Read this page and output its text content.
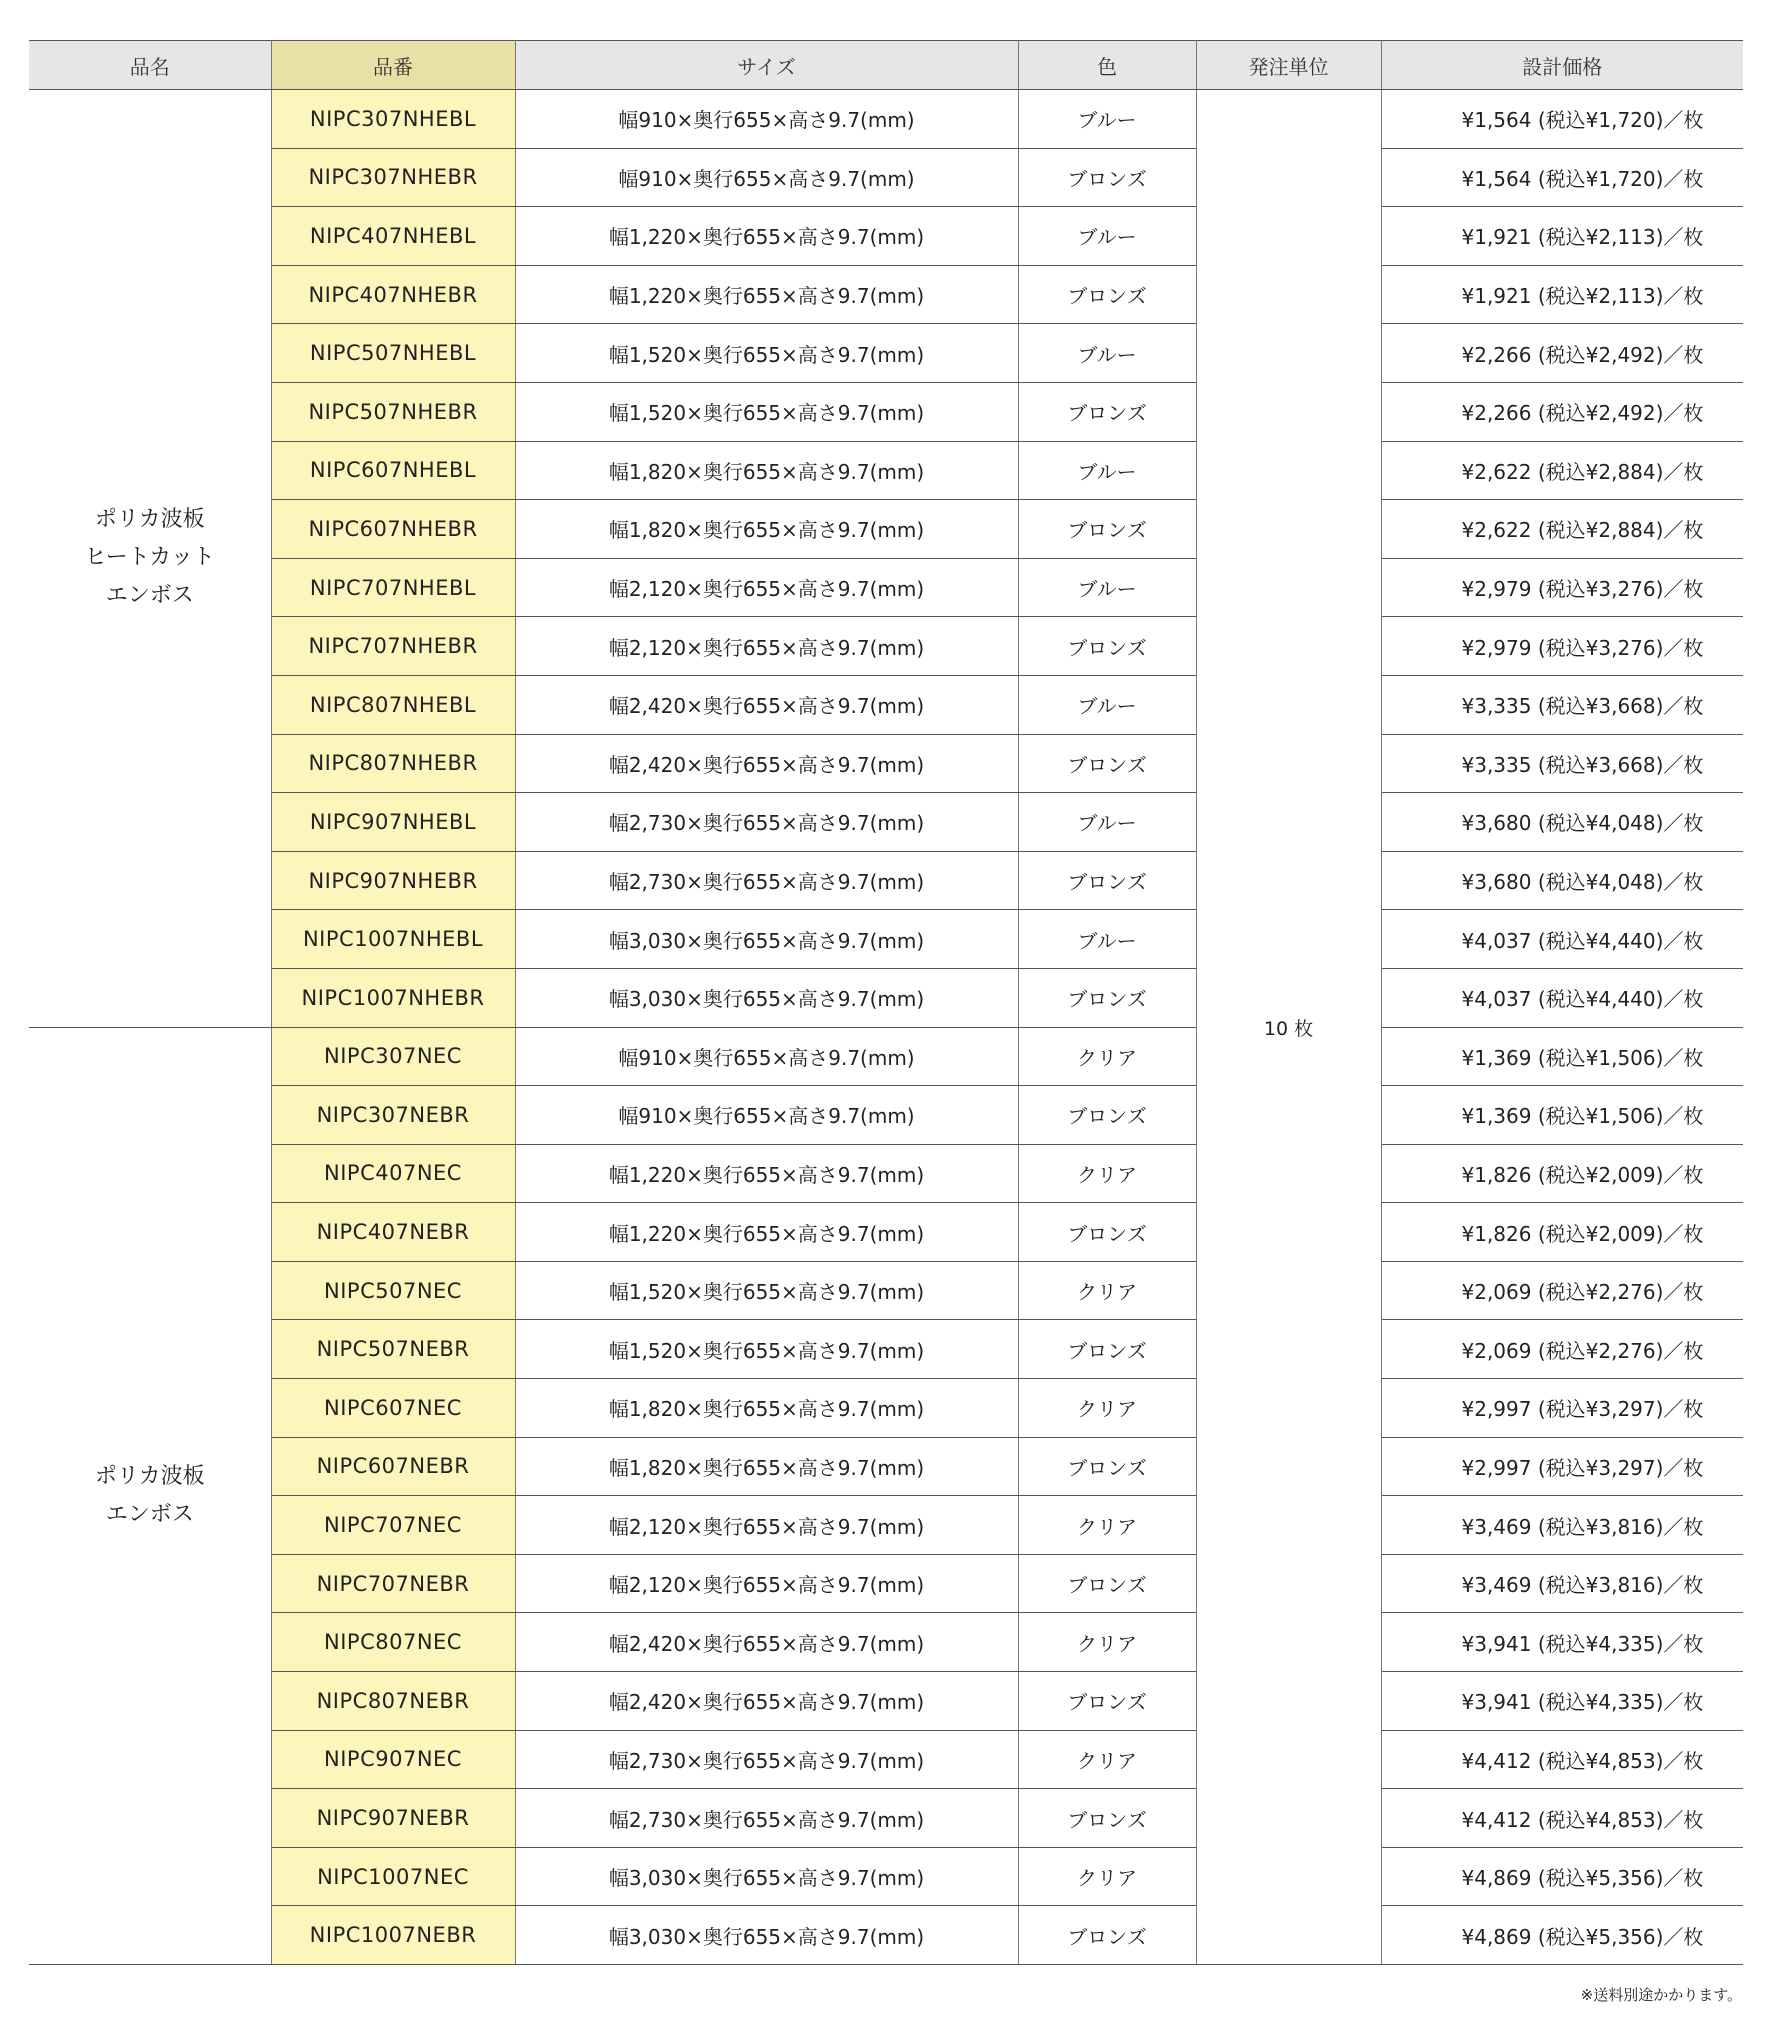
品名	品番	サイズ	色	発注単位	設計価格

ポリカ波板
ヒートカット
エンボス	NIPC307NHEBL	幅910×奥行655×高さ9.7(mm)	ブルー	10 枚	¥1,564 (税込¥1,720)／枚
	NIPC307NHEBR	幅910×奥行655×高さ9.7(mm)	ブロンズ		¥1,564 (税込¥1,720)／枚
	NIPC407NHEBL	幅1,220×奥行655×高さ9.7(mm)	ブルー		¥1,921 (税込¥2,113)／枚
	NIPC407NHEBR	幅1,220×奥行655×高さ9.7(mm)	ブロンズ		¥1,921 (税込¥2,113)／枚
	NIPC507NHEBL	幅1,520×奥行655×高さ9.7(mm)	ブルー		¥2,266 (税込¥2,492)／枚
	NIPC507NHEBR	幅1,520×奥行655×高さ9.7(mm)	ブロンズ		¥2,266 (税込¥2,492)／枚
	NIPC607NHEBL	幅1,820×奥行655×高さ9.7(mm)	ブルー		¥2,622 (税込¥2,884)／枚
	NIPC607NHEBR	幅1,820×奥行655×高さ9.7(mm)	ブロンズ		¥2,622 (税込¥2,884)／枚
	NIPC707NHEBL	幅2,120×奥行655×高さ9.7(mm)	ブルー		¥2,979 (税込¥3,276)／枚
	NIPC707NHEBR	幅2,120×奥行655×高さ9.7(mm)	ブロンズ		¥2,979 (税込¥3,276)／枚
	NIPC807NHEBL	幅2,420×奥行655×高さ9.7(mm)	ブルー		¥3,335 (税込¥3,668)／枚
	NIPC807NHEBR	幅2,420×奥行655×高さ9.7(mm)	ブロンズ		¥3,335 (税込¥3,668)／枚
	NIPC907NHEBL	幅2,730×奥行655×高さ9.7(mm)	ブルー		¥3,680 (税込¥4,048)／枚
	NIPC907NHEBR	幅2,730×奥行655×高さ9.7(mm)	ブロンズ		¥3,680 (税込¥4,048)／枚
	NIPC1007NHEBL	幅3,030×奥行655×高さ9.7(mm)	ブルー		¥4,037 (税込¥4,440)／枚
	NIPC1007NHEBR	幅3,030×奥行655×高さ9.7(mm)	ブロンズ		¥4,037 (税込¥4,440)／枚

ポリカ波板
エンボス	NIPC307NEC	幅910×奥行655×高さ9.7(mm)	クリア		¥1,369 (税込¥1,506)／枚
	NIPC307NEBR	幅910×奥行655×高さ9.7(mm)	ブロンズ		¥1,369 (税込¥1,506)／枚
	NIPC407NEC	幅1,220×奥行655×高さ9.7(mm)	クリア		¥1,826 (税込¥2,009)／枚
	NIPC407NEBR	幅1,220×奥行655×高さ9.7(mm)	ブロンズ		¥1,826 (税込¥2,009)／枚
	NIPC507NEC	幅1,520×奥行655×高さ9.7(mm)	クリア		¥2,069 (税込¥2,276)／枚
	NIPC507NEBR	幅1,520×奥行655×高さ9.7(mm)	ブロンズ		¥2,069 (税込¥2,276)／枚
	NIPC607NEC	幅1,820×奥行655×高さ9.7(mm)	クリア		¥2,997 (税込¥3,297)／枚
	NIPC607NEBR	幅1,820×奥行655×高さ9.7(mm)	ブロンズ		¥2,997 (税込¥3,297)／枚
	NIPC707NEC	幅2,120×奥行655×高さ9.7(mm)	クリア		¥3,469 (税込¥3,816)／枚
	NIPC707NEBR	幅2,120×奥行655×高さ9.7(mm)	ブロンズ		¥3,469 (税込¥3,816)／枚
	NIPC807NEC	幅2,420×奥行655×高さ9.7(mm)	クリア		¥3,941 (税込¥4,335)／枚
	NIPC807NEBR	幅2,420×奥行655×高さ9.7(mm)	ブロンズ		¥3,941 (税込¥4,335)／枚
	NIPC907NEC	幅2,730×奥行655×高さ9.7(mm)	クリア		¥4,412 (税込¥4,853)／枚
	NIPC907NEBR	幅2,730×奥行655×高さ9.7(mm)	ブロンズ		¥4,412 (税込¥4,853)／枚
	NIPC1007NEC	幅3,030×奥行655×高さ9.7(mm)	クリア		¥4,869 (税込¥5,356)／枚
	NIPC1007NEBR	幅3,030×奥行655×高さ9.7(mm)	ブロンズ		¥4,869 (税込¥5,356)／枚
※送料別途かかります。
